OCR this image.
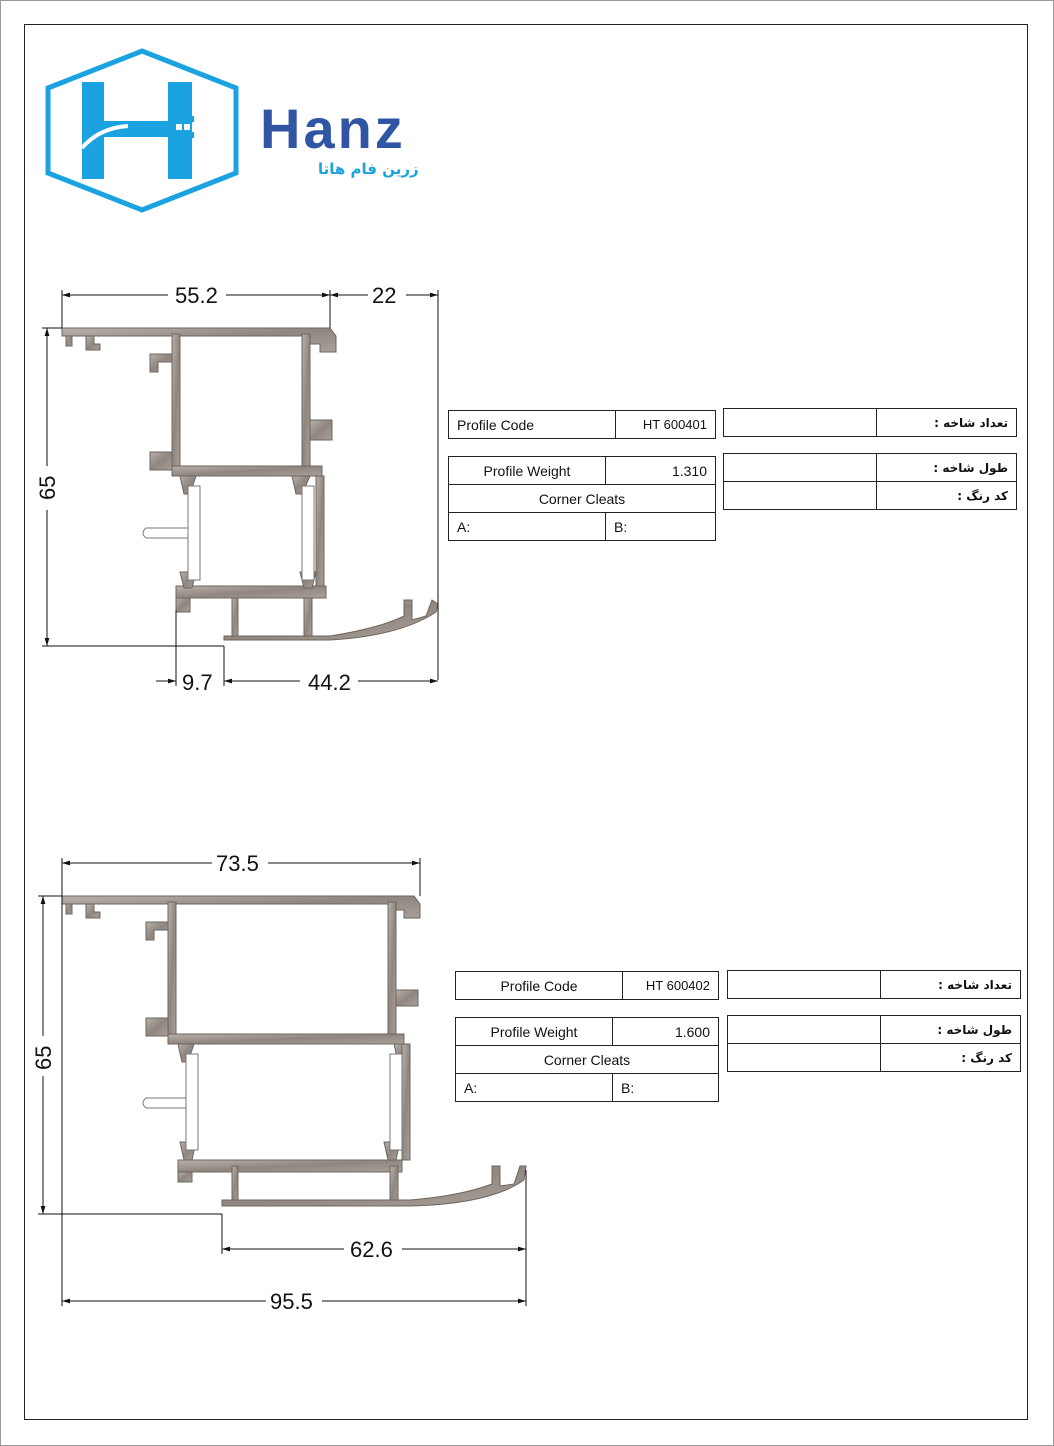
Hanz
زرین فام هاتا
55.2	22
65
9.7	44.2
73.5
65
62.6
95.5
Profile Code	HT 600401
Profile Weight	1.310
Corner Cleats	
A:	B:
	تعداد شاخه :
	طول شاخه :
	کد رنگ :
Profile Code	HT 600402
Profile Weight	1.600
Corner Cleats	
A:	B:
	تعداد شاخه :
	طول شاخه :
	کد رنگ :
